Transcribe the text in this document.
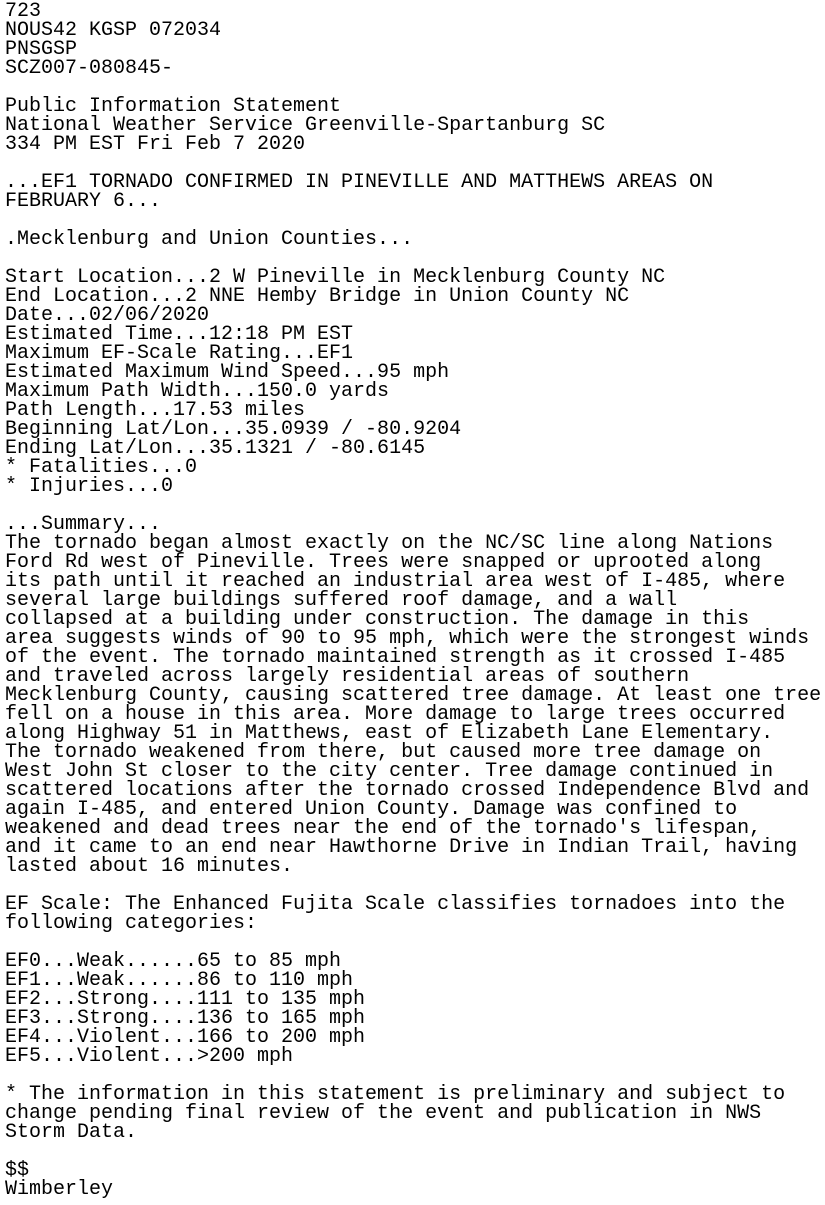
723
NOUS42 KGSP 072034
PNSGSP
SCZ007-080845-
Public Information Statement
National Weather Service Greenville-Spartanburg SC
334 PM EST Fri Feb 7 2020
...EF1 TORNADO CONFIRMED IN PINEVILLE AND MATTHEWS AREAS ON
FEBRUARY 6...
.Mecklenburg and Union Counties...
Start Location...2 W Pineville in Mecklenburg County NC
End Location...2 NNE Hemby Bridge in Union County NC
Date...02/06/2020
Estimated Time...12:18 PM EST
Maximum EF-Scale Rating...EF1
Estimated Maximum Wind Speed...95 mph
Maximum Path Width...150.0 yards
Path Length...17.53 miles
Beginning Lat/Lon...35.0939 / -80.9204
Ending Lat/Lon...35.1321 / -80.6145
* Fatalities...0
* Injuries...0
...Summary...
The tornado began almost exactly on the NC/SC line along Nations
Ford Rd west of Pineville. Trees were snapped or uprooted along
its path until it reached an industrial area west of I-485, where
several large buildings suffered roof damage, and a wall
collapsed at a building under construction. The damage in this
area suggests winds of 90 to 95 mph, which were the strongest winds
of the event. The tornado maintained strength as it crossed I-485
and traveled across largely residential areas of southern
Mecklenburg County, causing scattered tree damage. At least one tree
fell on a house in this area. More damage to large trees occurred
along Highway 51 in Matthews, east of Elizabeth Lane Elementary.
The tornado weakened from there, but caused more tree damage on
West John St closer to the city center. Tree damage continued in
scattered locations after the tornado crossed Independence Blvd and
again I-485, and entered Union County. Damage was confined to
weakened and dead trees near the end of the tornado's lifespan,
and it came to an end near Hawthorne Drive in Indian Trail, having
lasted about 16 minutes.
EF Scale: The Enhanced Fujita Scale classifies tornadoes into the
following categories:
EF0...Weak......65 to 85 mph
EF1...Weak......86 to 110 mph
EF2...Strong....111 to 135 mph
EF3...Strong....136 to 165 mph
EF4...Violent...166 to 200 mph
EF5...Violent...>200 mph
* The information in this statement is preliminary and subject to
change pending final review of the event and publication in NWS
Storm Data.
$$
Wimberley
